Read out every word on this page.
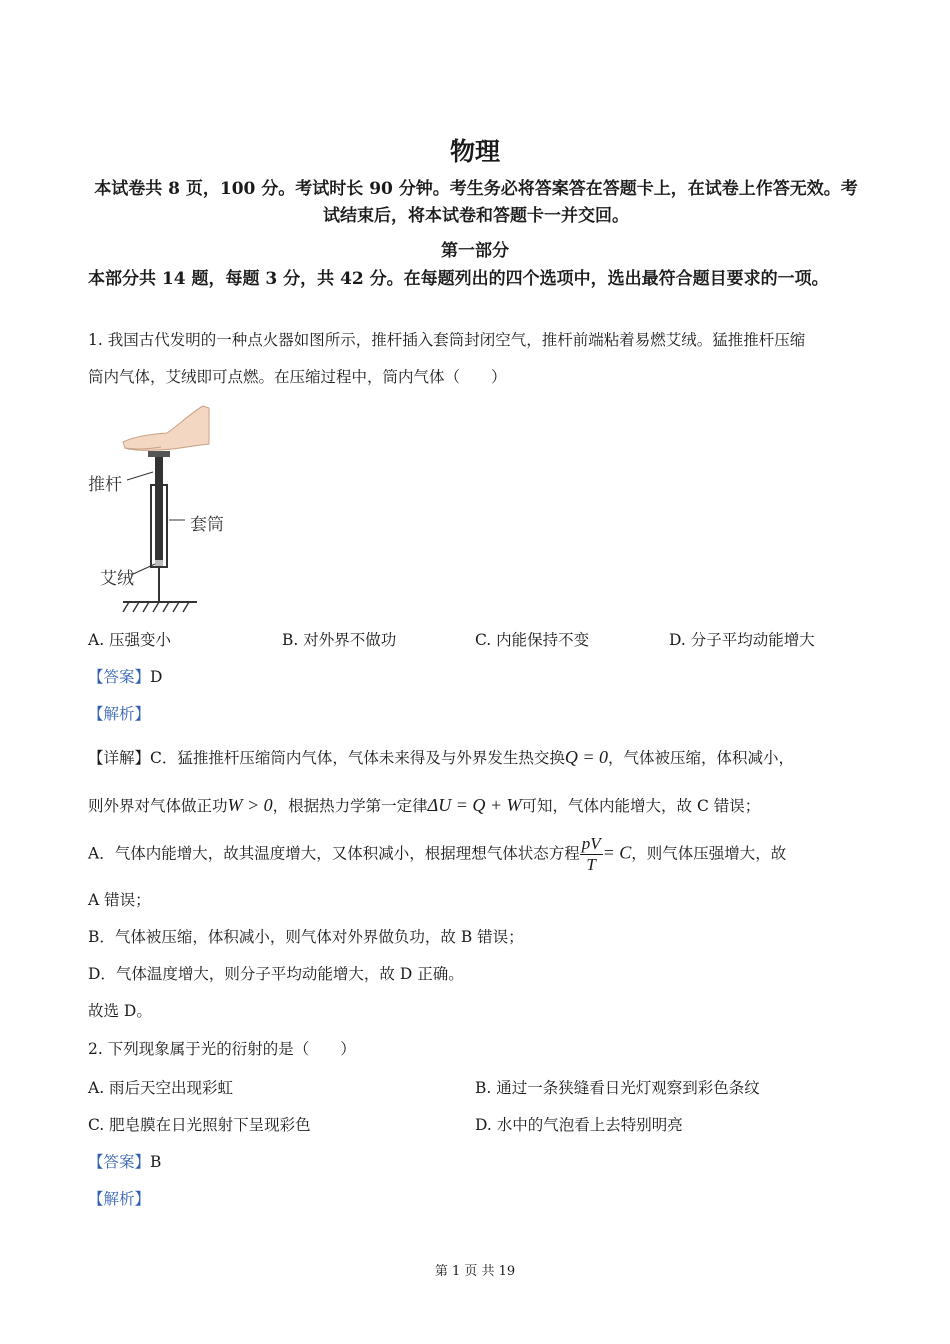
物理
本试卷共 8 页，100 分。考试时长 90 分钟。考生务必将答案答在答题卡上，在试卷上作答无效。考试结束后，将本试卷和答题卡一并交回。
第一部分
本部分共 14 题，每题 3 分，共 42 分。在每题列出的四个选项中，选出最符合题目要求的一项。
1. 我国古代发明的一种点火器如图所示，推杆插入套筒封闭空气，推杆前端粘着易燃艾绒。猛推推杆压缩
筒内气体，艾绒即可点燃。在压缩过程中，筒内气体（　　）
推杆
套筒
艾绒
A. 压强变小	B. 对外界不做功	C. 内能保持不变	D. 分子平均动能增大
【答案】D
【解析】
【详解】C．猛推推杆压缩筒内气体，气体未来得及与外界发生热交换Q = 0，气体被压缩，体积减小，
则外界对气体做正功W > 0，根据热力学第一定律ΔU = Q + W可知，气体内能增大，故 C 错误；
A．气体内能增大，故其温度增大，又体积减小，根据理想气体状态方程 $\frac{pV}{T} = C$，则气体压强增大，故
A 错误；
B．气体被压缩，体积减小，则气体对外界做负功，故 B 错误；
D．气体温度增大，则分子平均动能增大，故 D 正确。
故选 D。
2. 下列现象属于光的衍射的是（　　）
A. 雨后天空出现彩虹	B. 通过一条狭缝看日光灯观察到彩色条纹
C. 肥皂膜在日光照射下呈现彩色	D. 水中的气泡看上去特别明亮
【答案】B
【解析】
第 1 页 共 19
